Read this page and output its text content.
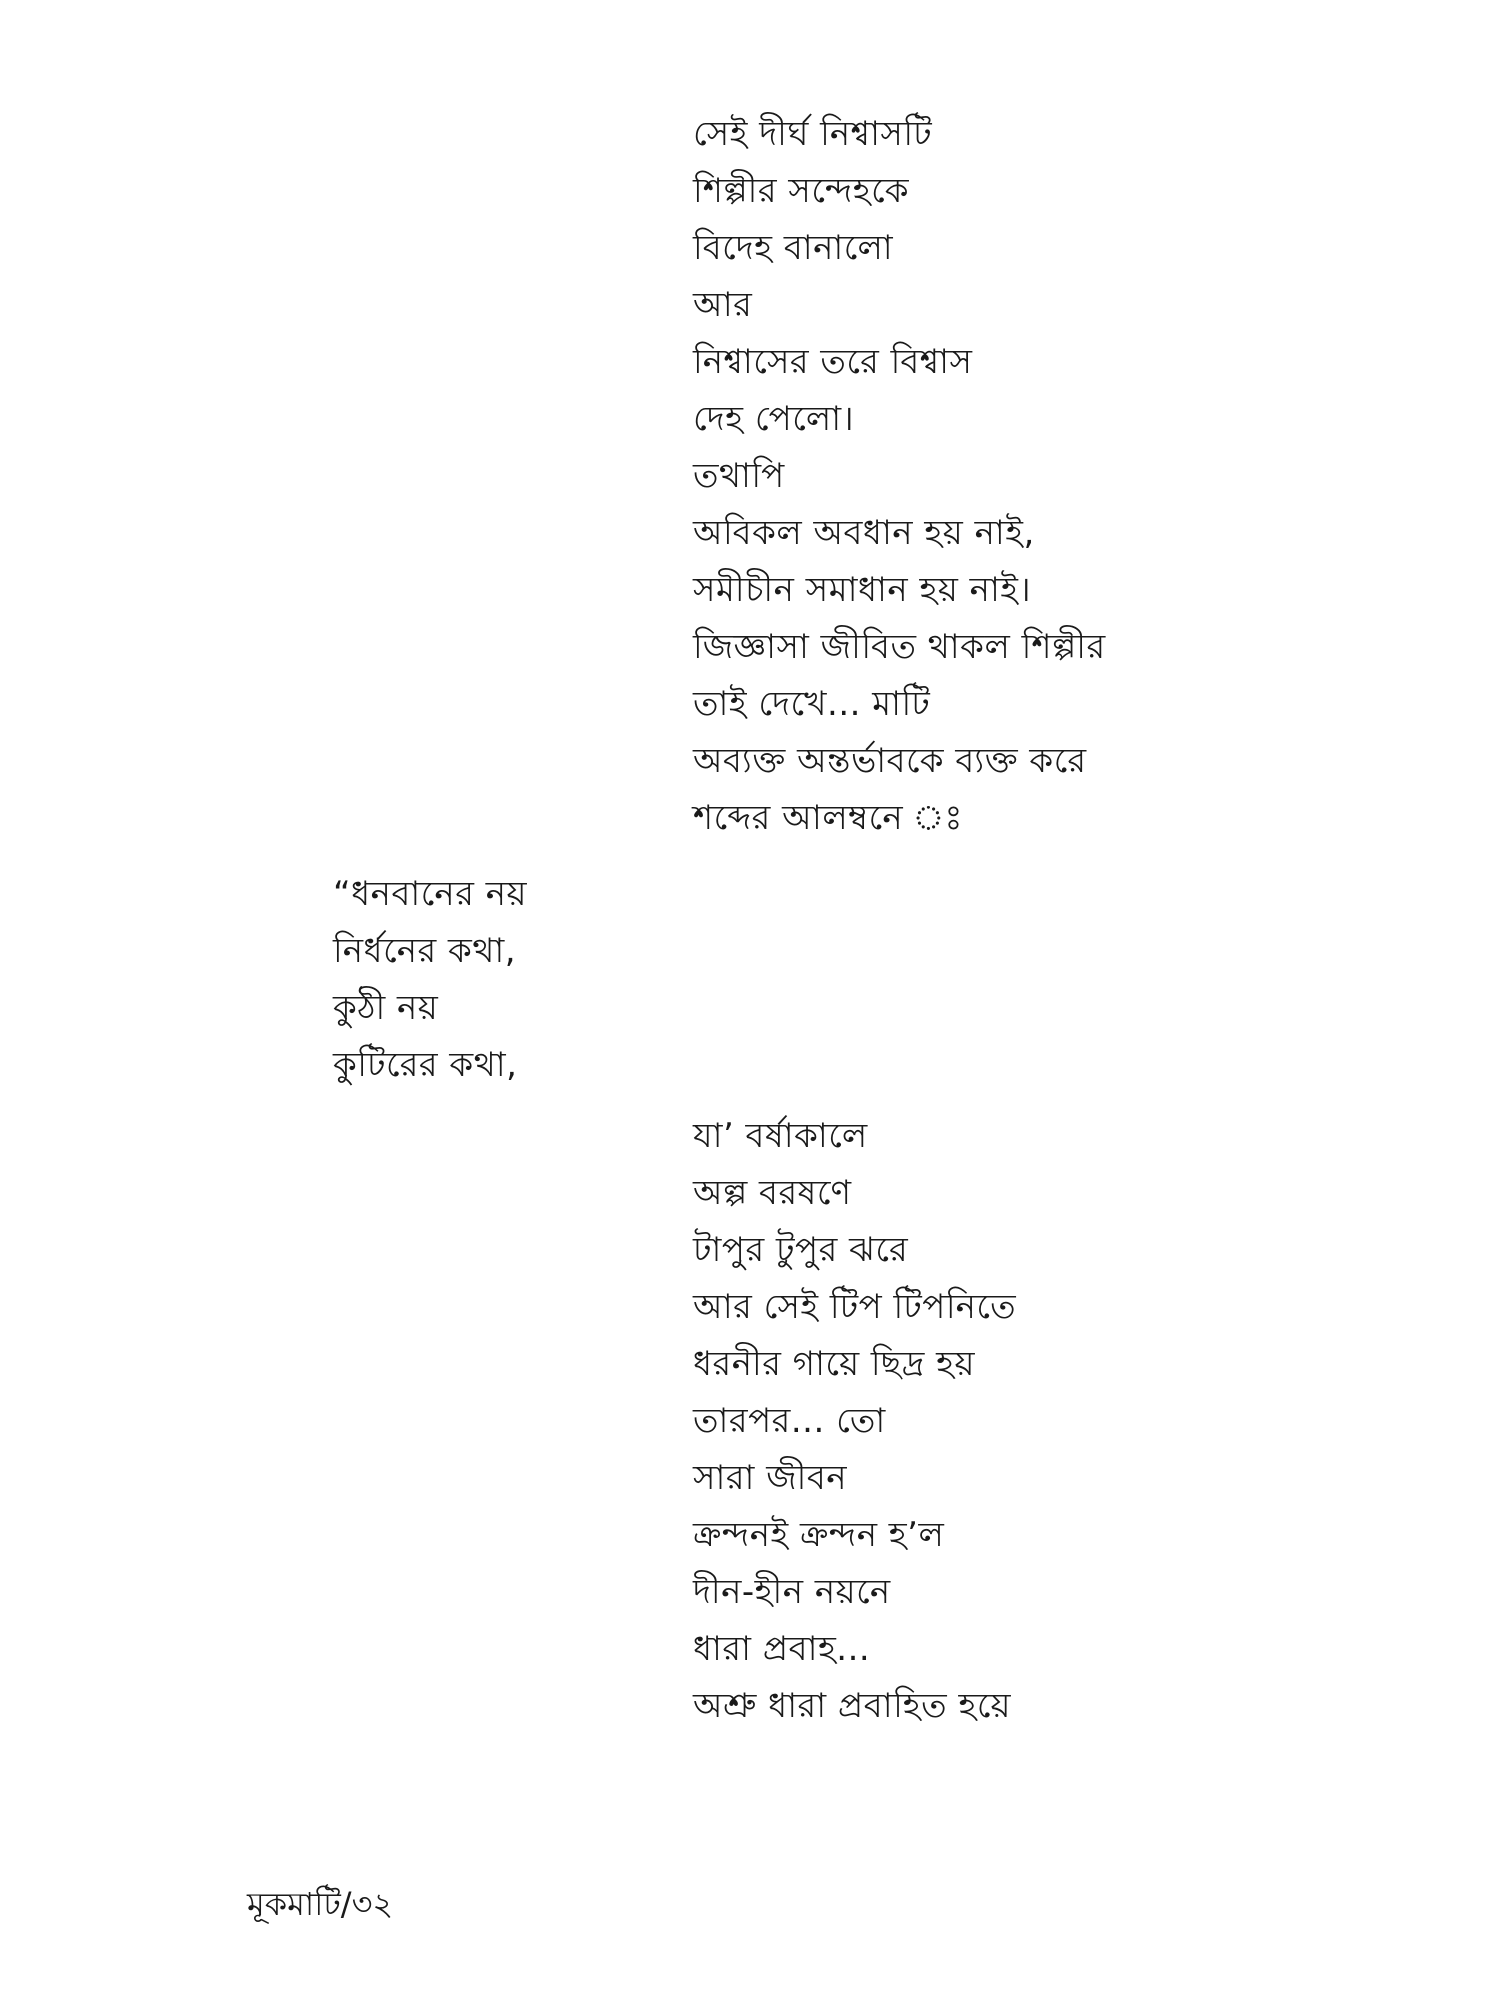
সেই দীর্ঘ নিশ্বাসটি
শিল্পীর সন্দেহকে
বিদেহ বানালো
আর
নিশ্বাসের তরে বিশ্বাস
দেহ পেলো।
তথাপি
অবিকল অবধান হয় নাই,
সমীচীন সমাধান হয় নাই।
জিজ্ঞাসা জীবিত থাকল শিল্পীর
তাই দেখে... মাটি
অব্যক্ত অন্তর্ভাবকে ব্যক্ত করে
শব্দের আলম্বনে ঃ
“ধনবানের নয়
নির্ধনের কথা,
কুঠী নয়
কুটিরের কথা,
যা’ বর্ষাকালে
অল্প বরষণে
টাপুর টুপুর ঝরে
আর সেই টিপ টিপনিতে
ধরনীর গায়ে ছিদ্র হয়
তারপর... তো
সারা জীবন
ক্রন্দনই ক্রন্দন হ’ল
দীন-হীন নয়নে
ধারা প্রবাহ...
অশ্রু ধারা প্রবাহিত হয়ে
মূকমাটি/৩২
